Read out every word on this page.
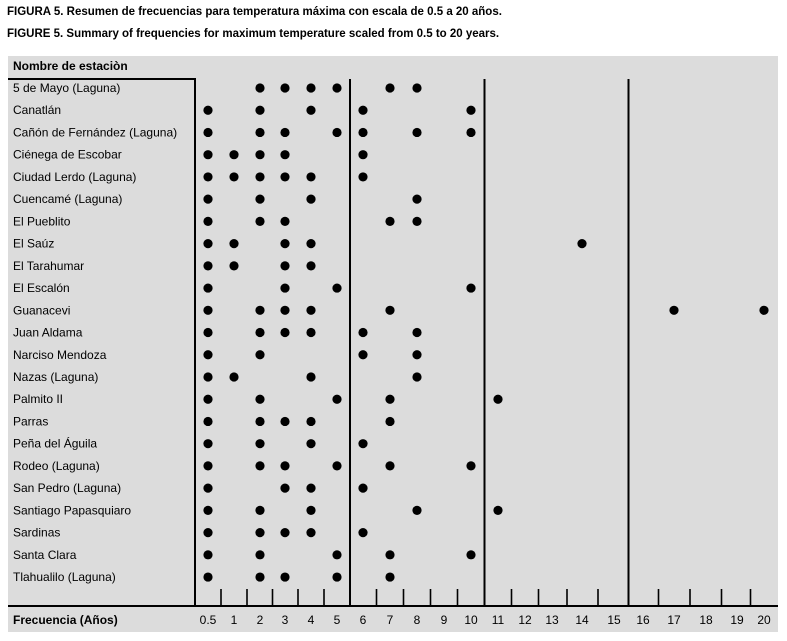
FIGURA 5. Resumen de frecuencias para temperatura máxima con escala de 0.5 a 20 años.
FIGURE 5. Summary of frequencies for maximum temperature scaled from 0.5 to 20 years.
Nombre de estaciòn
0.5 1 2 3 4 5 6 7 8 9 10 11 12 13 14 15 16 17 18 19 20
Frecuencia (Años)
5 de Mayo (Laguna)
Canatlán
Cañón de Fernández (Laguna)
Ciénega de Escobar
Ciudad Lerdo (Laguna)
Cuencamé (Laguna)
El Pueblito
El Saúz
El Tarahumar
El Escalón
Guanacevi
Juan Aldama
Narciso Mendoza
Nazas (Laguna)
Palmito II
Parras
Peña del Águila
Rodeo (Laguna)
San Pedro (Laguna)
Santiago Papasquiaro
Sardinas
Santa Clara
Tlahualilo (Laguna)
